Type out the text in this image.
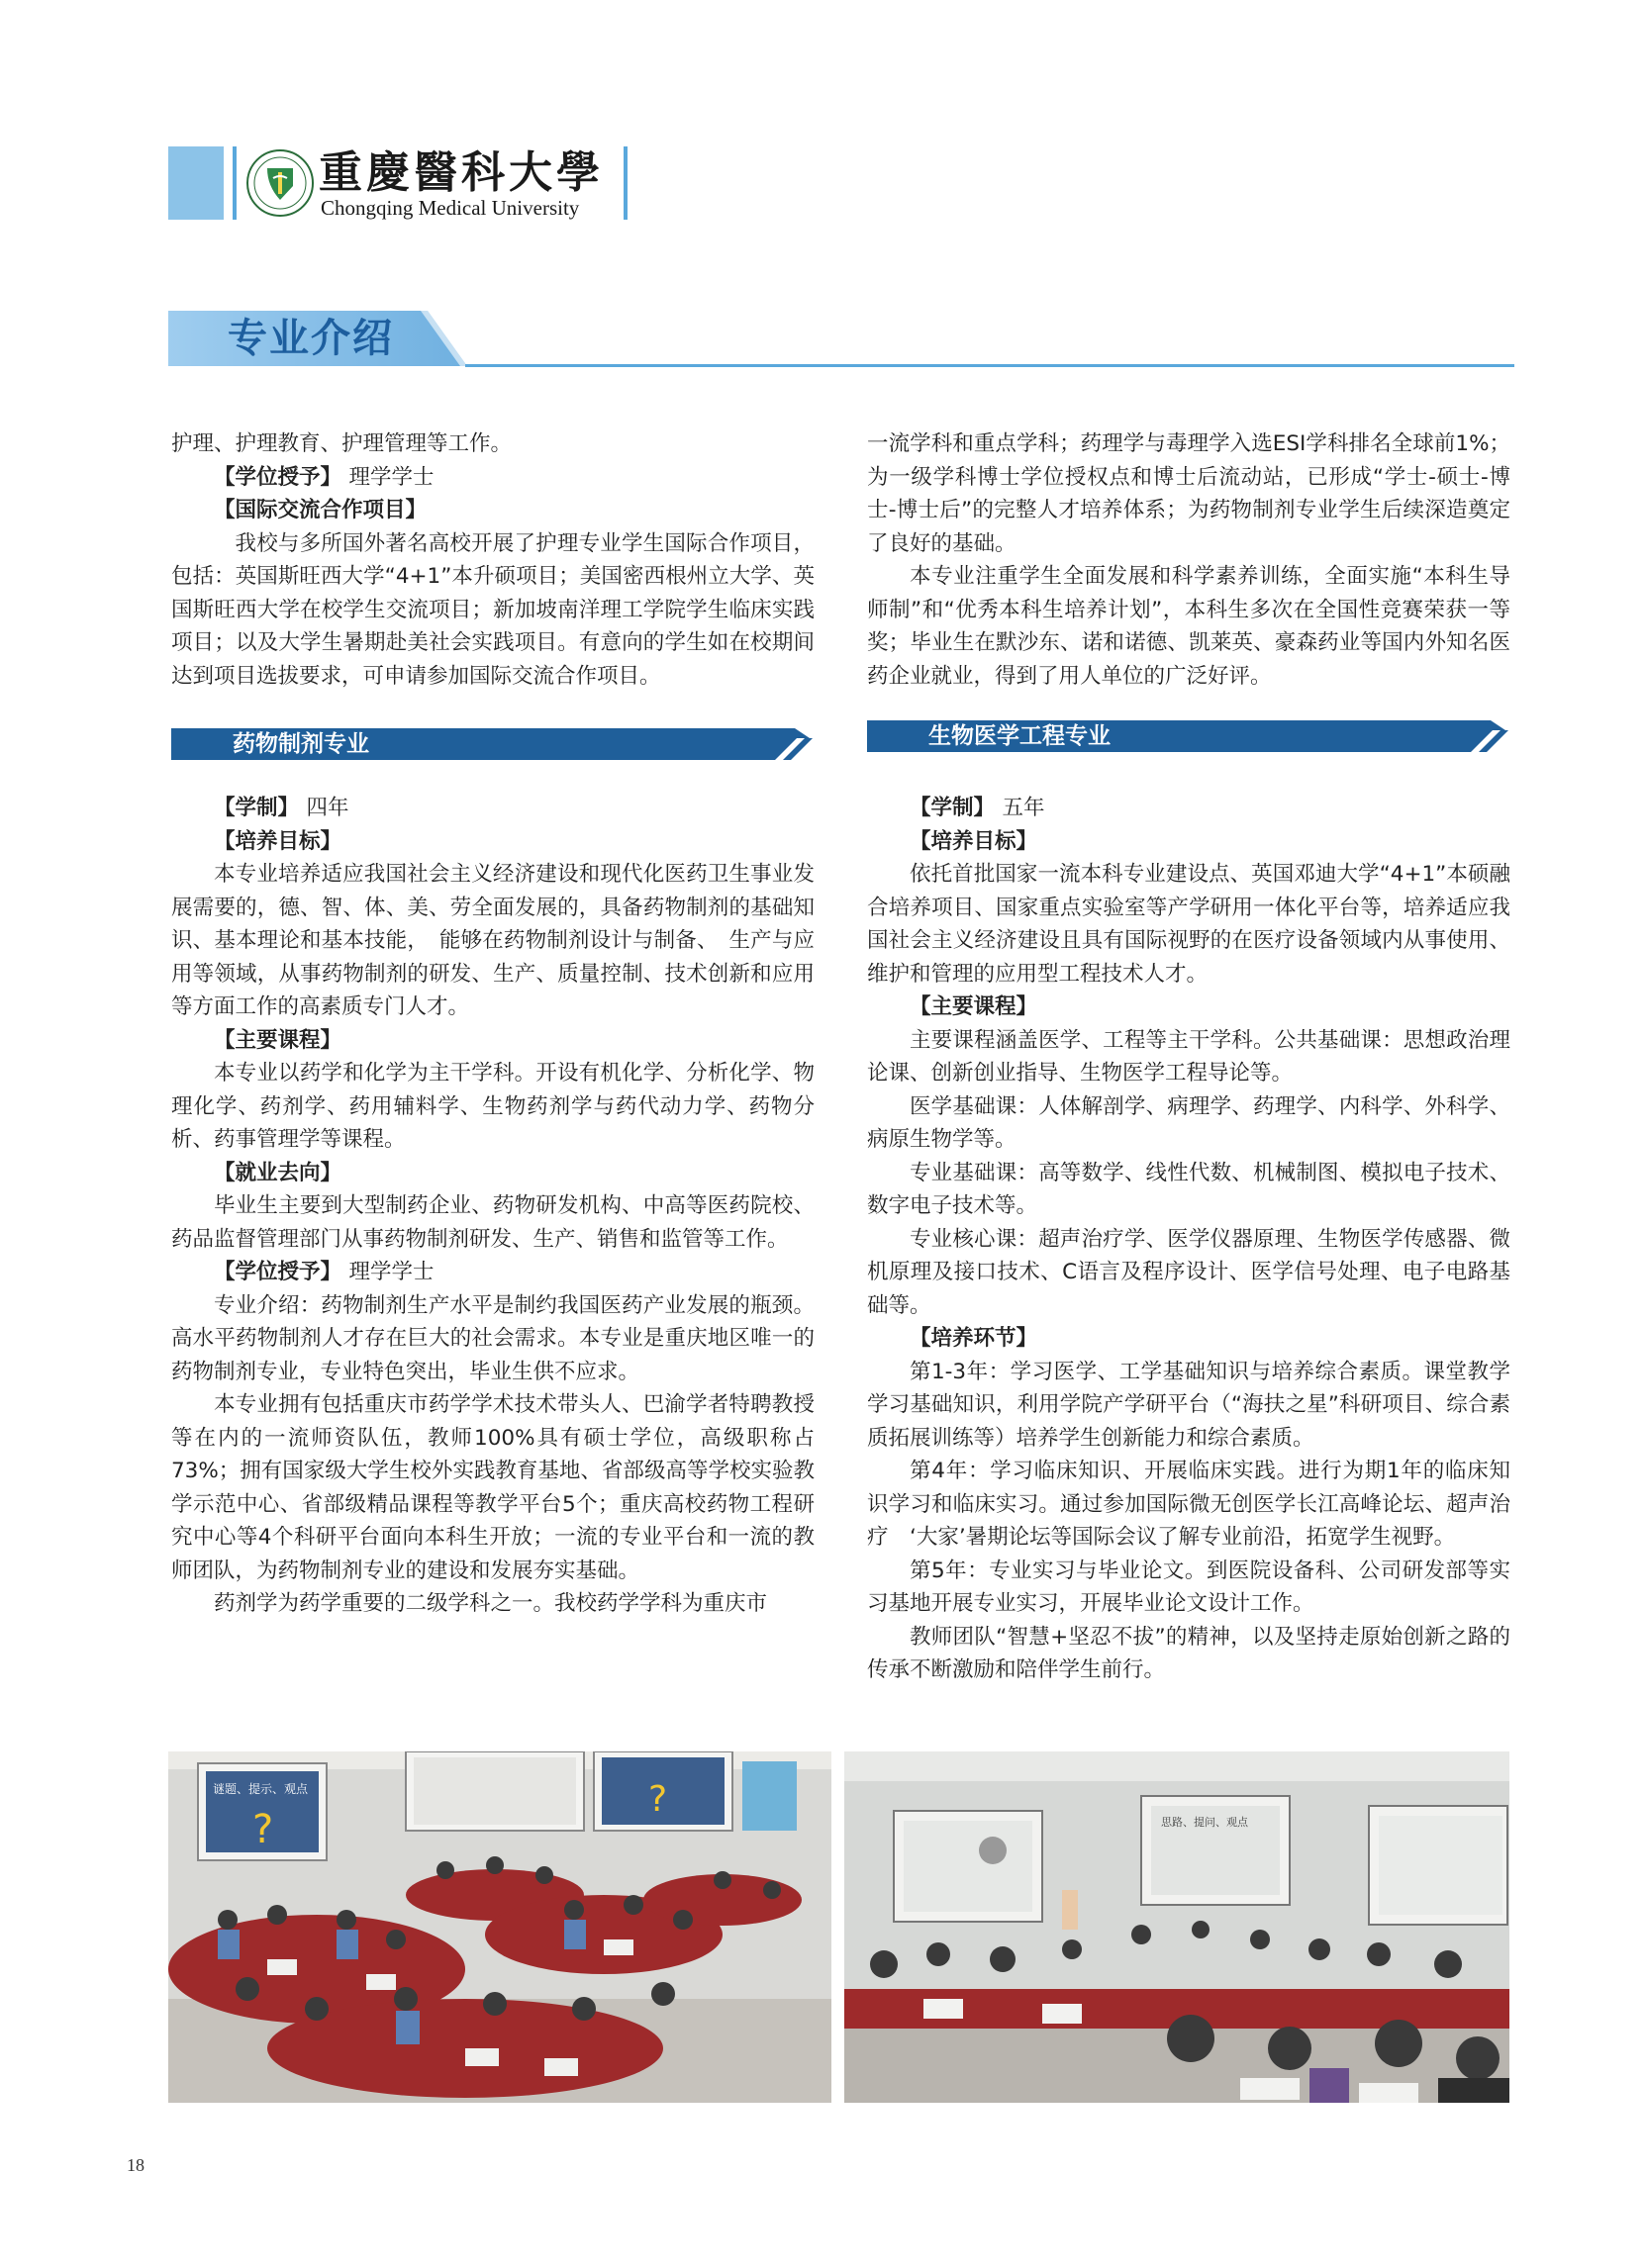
重慶醫科大學
Chongqing Medical University
专业介绍

护理、护理教育、护理管理等工作。

【学位授予】 理学学士

【国际交流合作项目】

我校与多所国外著名高校开展了护理专业学生国际合作项目，包括：英国斯旺西大学“4+1”本升硕项目；美国密西根州立大学、英国斯旺西大学在校学生交流项目；新加坡南洋理工学院学生临床实践项目；以及大学生暑期赴美社会实践项目。有意向的学生如在校期间达到项目选拔要求，可申请参加国际交流合作项目。

药物制剂专业

【学制】 四年

【培养目标】

本专业培养适应我国社会主义经济建设和现代化医药卫生事业发展需要的，德、智、体、美、劳全面发展的，具备药物制剂的基础知识、基本理论和基本技能，　能够在药物制剂设计与制备、　生产与应用等领域，从事药物制剂的研发、生产、质量控制、技术创新和应用等方面工作的高素质专门人才。

【主要课程】

本专业以药学和化学为主干学科。开设有机化学、分析化学、物理化学、药剂学、药用辅料学、生物药剂学与药代动力学、药物分析、药事管理学等课程。

【就业去向】

毕业生主要到大型制药企业、药物研发机构、中高等医药院校、药品监督管理部门从事药物制剂研发、生产、销售和监管等工作。

【学位授予】 理学学士

专业介绍：药物制剂生产水平是制约我国医药产业发展的瓶颈。高水平药物制剂人才存在巨大的社会需求。本专业是重庆地区唯一的药物制剂专业，专业特色突出，毕业生供不应求。

本专业拥有包括重庆市药学学术技术带头人、巴渝学者特聘教授等在内的一流师资队伍，教师100%具有硕士学位，高级职称占73%；拥有国家级大学生校外实践教育基地、省部级高等学校实验教学示范中心、省部级精品课程等教学平台5个；重庆高校药物工程研究中心等4个科研平台面向本科生开放；一流的专业平台和一流的教师团队，为药物制剂专业的建设和发展夯实基础。

药剂学为药学重要的二级学科之一。我校药学学科为重庆市

一流学科和重点学科；药理学与毒理学入选ESI学科排名全球前1%；为一级学科博士学位授权点和博士后流动站，已形成“学士-硕士-博士-博士后”的完整人才培养体系；为药物制剂专业学生后续深造奠定了良好的基础。

本专业注重学生全面发展和科学素养训练，全面实施“本科生导师制”和“优秀本科生培养计划”，本科生多次在全国性竞赛荣获一等奖；毕业生在默沙东、诺和诺德、凯莱英、豪森药业等国内外知名医药企业就业，得到了用人单位的广泛好评。

生物医学工程专业

【学制】 五年

【培养目标】

依托首批国家一流本科专业建设点、英国邓迪大学“4+1”本硕融合培养项目、国家重点实验室等产学研用一体化平台等，培养适应我国社会主义经济建设且具有国际视野的在医疗设备领域内从事使用、维护和管理的应用型工程技术人才。

【主要课程】

主要课程涵盖医学、工程等主干学科。公共基础课：思想政治理论课、创新创业指导、生物医学工程导论等。

医学基础课：人体解剖学、病理学、药理学、内科学、外科学、病原生物学等。

专业基础课：高等数学、线性代数、机械制图、模拟电子技术、数字电子技术等。

专业核心课：超声治疗学、医学仪器原理、生物医学传感器、微机原理及接口技术、C语言及程序设计、医学信号处理、电子电路基础等。

【培养环节】

第1-3年：学习医学、工学基础知识与培养综合素质。课堂教学学习基础知识，利用学院产学研平台（“海扶之星”科研项目、综合素质拓展训练等）培养学生创新能力和综合素质。

第4年：学习临床知识、开展临床实践。进行为期1年的临床知识学习和临床实习。通过参加国际微无创医学长江高峰论坛、超声治疗　‘大家’暑期论坛等国际会议了解专业前沿，拓宽学生视野。

第5年：专业实习与毕业论文。到医院设备科、公司研发部等实习基地开展专业实习，开展毕业论文设计工作。

教师团队“智慧+坚忍不拔”的精神，以及坚持走原始创新之路的传承不断激励和陪伴学生前行。

谜题、提示、观点
?
?
思路、提问、观点
18
